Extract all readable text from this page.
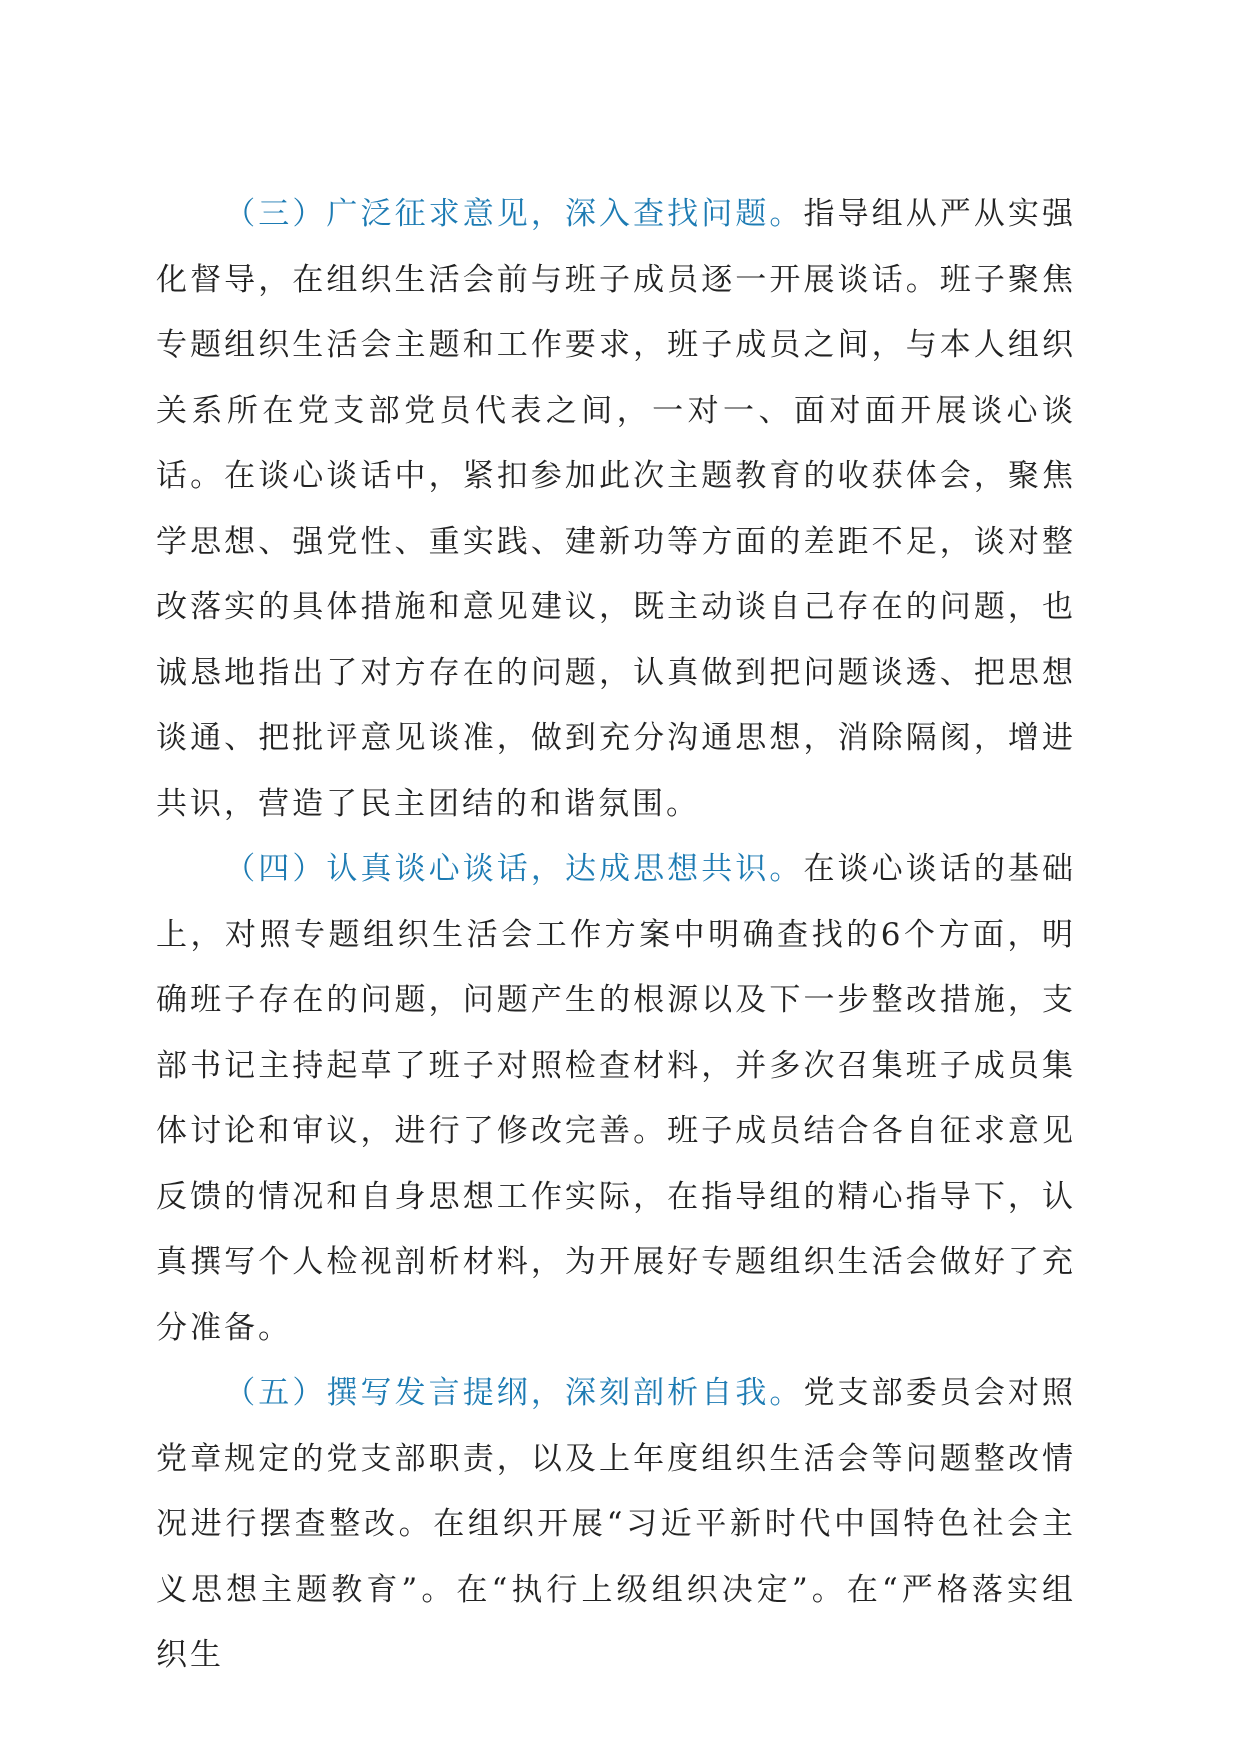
（三）广泛征求意见，深入查找问题。指导组从严从实强化督导，在组织生活会前与班子成员逐一开展谈话。班子聚焦专题组织生活会主题和工作要求，班子成员之间，与本人组织关系所在党支部党员代表之间，一对一、面对面开展谈心谈话。在谈心谈话中，紧扣参加此次主题教育的收获体会，聚焦学思想、强党性、重实践、建新功等方面的差距不足，谈对整改落实的具体措施和意见建议，既主动谈自己存在的问题，也诚恳地指出了对方存在的问题，认真做到把问题谈透、把思想谈通、把批评意见谈准，做到充分沟通思想，消除隔阂，增进共识，营造了民主团结的和谐氛围。

（四）认真谈心谈话，达成思想共识。在谈心谈话的基础上，对照专题组织生活会工作方案中明确查找的6个方面，明确班子存在的问题，问题产生的根源以及下一步整改措施，支部书记主持起草了班子对照检查材料，并多次召集班子成员集体讨论和审议，进行了修改完善。班子成员结合各自征求意见反馈的情况和自身思想工作实际，在指导组的精心指导下，认真撰写个人检视剖析材料，为开展好专题组织生活会做好了充分准备。

（五）撰写发言提纲，深刻剖析自我。党支部委员会对照党章规定的党支部职责，以及上年度组织生活会等问题整改情况进行摆查整改。在组织开展“习近平新时代中国特色社会主义思想主题教育”。在“执行上级组织决定”。在“严格落实组织生
